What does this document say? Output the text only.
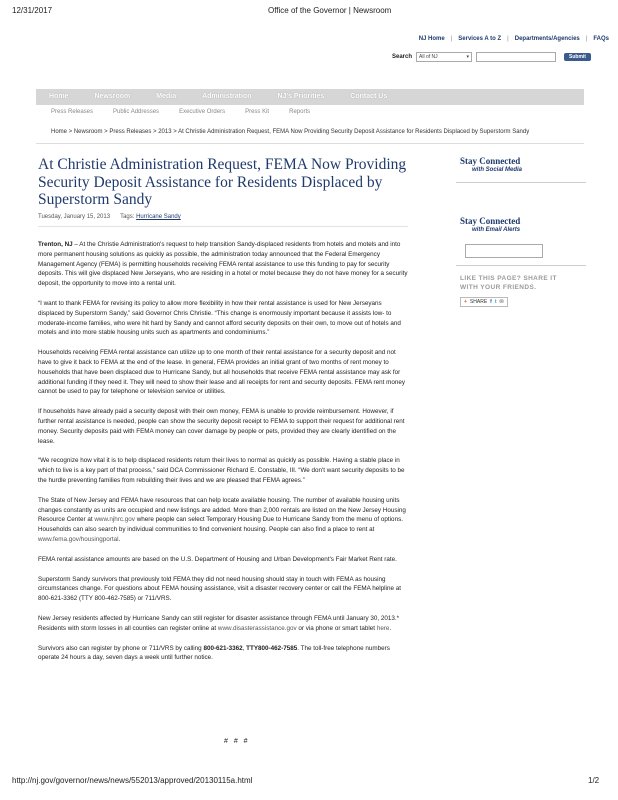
12/31/2017	Office of the Governor | Newsroom
NJ Home | Services A to Z | Departments/Agencies | FAQs
Search	All of NJ	▾	Submit
Home	Newsroom	Media	Administration	NJ's Priorities	Contact Us
Press Releases	Public Addresses	Executive Orders	Press Kit	Reports
Home > Newsroom > Press Releases > 2013 > At Christie Administration Request, FEMA Now Providing Security Deposit Assistance for Residents Displaced by Superstorm Sandy
At Christie Administration Request, FEMA Now Providing Security Deposit Assistance for Residents Displaced by Superstorm Sandy
Tuesday, January 15, 2013 Tags: Hurricane Sandy

Trenton, NJ – At the Christie Administration's request to help transition Sandy-displaced residents from hotels and motels and into more permanent housing solutions as quickly as possible, the administration today announced that the Federal Emergency Management Agency (FEMA) is permitting households receiving FEMA rental assistance to use this funding to pay for security deposits. This will give displaced New Jerseyans, who are residing in a hotel or motel because they do not have money for a security deposit, the opportunity to move into a rental unit.

“I want to thank FEMA for revising its policy to allow more flexibility in how their rental assistance is used for New Jerseyans displaced by Superstorm Sandy,” said Governor Chris Christie. “This change is enormously important because it assists low- to moderate-income families, who were hit hard by Sandy and cannot afford security deposits on their own, to move out of hotels and motels and into more stable housing units such as apartments and condominiums.”

Households receiving FEMA rental assistance can utilize up to one month of their rental assistance for a security deposit and not have to give it back to FEMA at the end of the lease. In general, FEMA provides an initial grant of two months of rent money to households that have been displaced due to Hurricane Sandy, but all households that receive FEMA rental assistance may ask for additional funding if they need it. They will need to show their lease and all receipts for rent and security deposits. FEMA rent money cannot be used to pay for telephone or television service or utilities.

If households have already paid a security deposit with their own money, FEMA is unable to provide reimbursement. However, if further rental assistance is needed, people can show the security deposit receipt to FEMA to support their request for additional rent money. Security deposits paid with FEMA money can cover damage by people or pets, provided they are clearly identified on the lease.

“We recognize how vital it is to help displaced residents return their lives to normal as quickly as possible. Having a stable place in which to live is a key part of that process,” said DCA Commissioner Richard E. Constable, III. “We don't want security deposits to be the hurdle preventing families from rebuilding their lives and we are pleased that FEMA agrees.”

The State of New Jersey and FEMA have resources that can help locate available housing. The number of available housing units changes constantly as units are occupied and new listings are added. More than 2,000 rentals are listed on the New Jersey Housing Resource Center at www.njhrc.gov where people can select Temporary Housing Due to Hurricane Sandy from the menu of options. Households can also search by individual communities to find convenient housing. People can also find a place to rent at www.fema.gov/housingportal.

FEMA rental assistance amounts are based on the U.S. Department of Housing and Urban Development's Fair Market Rent rate.

Superstorm Sandy survivors that previously told FEMA they did not need housing should stay in touch with FEMA as housing circumstances change. For questions about FEMA housing assistance, visit a disaster recovery center or call the FEMA helpline at 800-621-3362 (TTY 800-462-7585) or 711/VRS.

New Jersey residents affected by Hurricane Sandy can still register for disaster assistance through FEMA until January 30, 2013.* Residents with storm losses in all counties can register online at www.disasterassistance.gov or via phone or smart tablet here.

Survivors also can register by phone or 711/VRS by calling 800-621-3362, TTY800-462-7585. The toll-free telephone numbers operate 24 hours a day, seven days a week until further notice.

# # #
Stay Connected
with Social Media
Stay Connected
with Email Alerts
LIKE THIS PAGE? SHARE IT
WITH YOUR FRIENDS.
+ SHARE f t ✉
http://nj.gov/governor/news/news/552013/approved/20130115a.html	1/2
